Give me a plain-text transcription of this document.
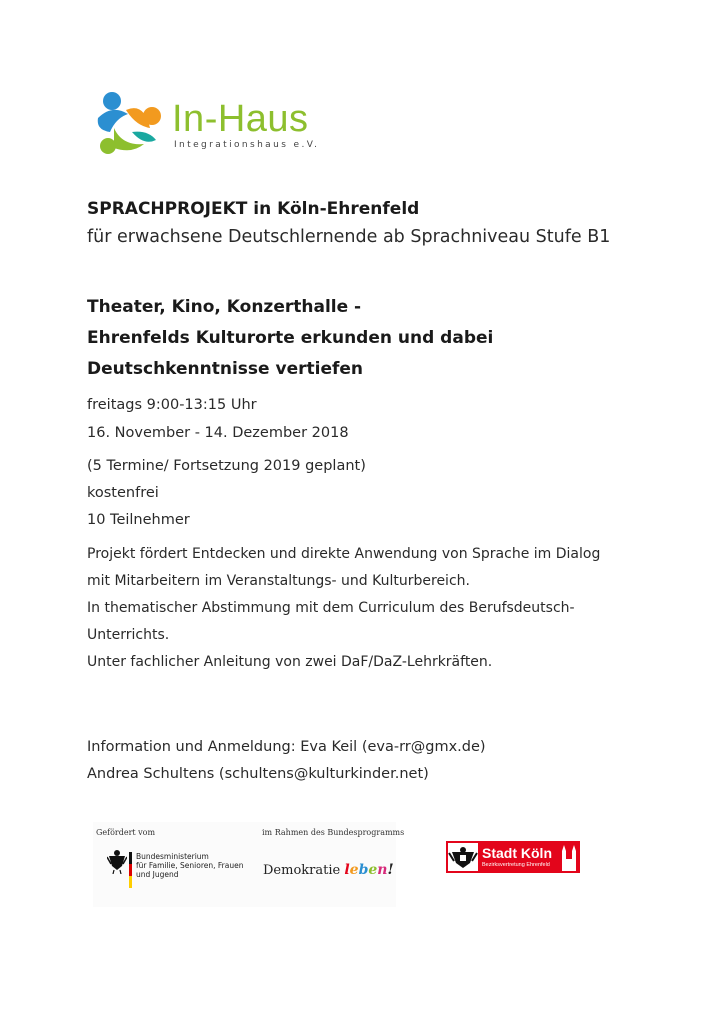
In-Haus
Integrationshaus e.V.
SPRACHPROJEKT in Köln-Ehrenfeld
für erwachsene Deutschlernende ab Sprachniveau Stufe B1
Theater, Kino, Konzerthalle -
Ehrenfelds Kulturorte erkunden und dabei
Deutschkenntnisse vertiefen
freitags 9:00-13:15 Uhr
16. November - 14. Dezember 2018
(5 Termine/ Fortsetzung 2019 geplant)
kostenfrei
10 Teilnehmer
Projekt fördert Entdecken und direkte Anwendung von Sprache im Dialog
mit Mitarbeitern im Veranstaltungs- und Kulturbereich.
In thematischer Abstimmung mit dem Curriculum des Berufsdeutsch-
Unterrichts.
Unter fachlicher Anleitung von zwei DaF/DaZ-Lehrkräften.
Information und Anmeldung: Eva Keil (eva-rr@gmx.de)
Andrea Schultens (schultens@kulturkinder.net)
Gefördert vom
Bundesministerium
für Familie, Senioren, Frauen
und Jugend
im Rahmen des Bundesprogramms
Demokratie leben!
Stadt Köln
Bezirksvertretung Ehrenfeld
